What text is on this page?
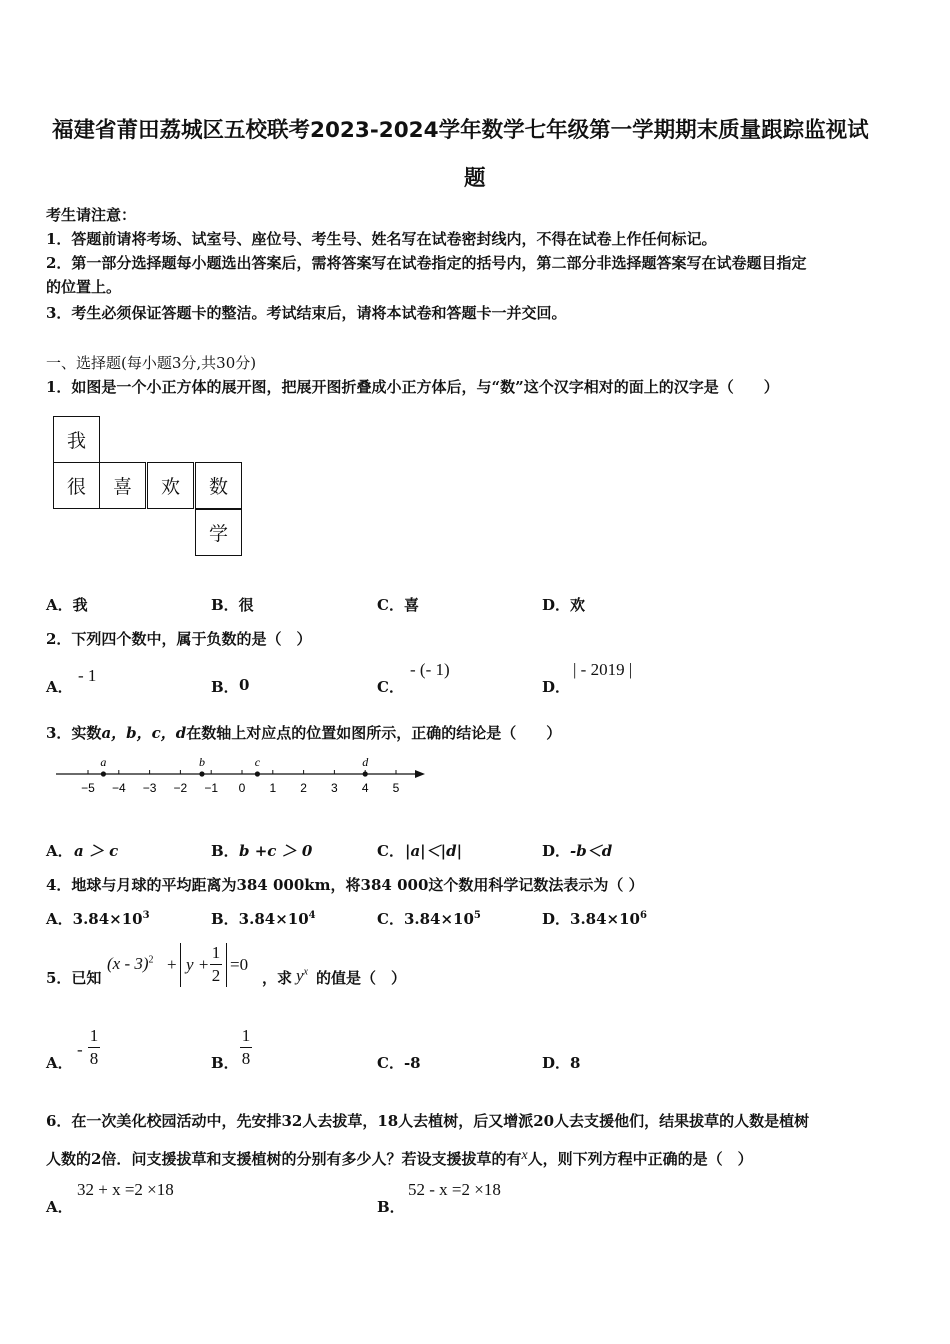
福建省莆田荔城区五校联考2023-2024学年数学七年级第一学期期末质量跟踪监视试
题
考生请注意：
1．答题前请将考场、试室号、座位号、考生号、姓名写在试卷密封线内，不得在试卷上作任何标记。
2．第一部分选择题每小题选出答案后，需将答案写在试卷指定的括号内，第二部分非选择题答案写在试卷题目指定
的位置上。
3．考生必须保证答题卡的整洁。考试结束后，请将本试卷和答题卡一并交回。
一、选择题(每小题3分,共30分)
1．如图是一个小正方体的展开图，把展开图折叠成小正方体后，与“数”这个汉字相对的面上的汉字是（　　）
我
很	喜	欢	数
学
A．我	B．很	C．喜	D．欢
2．下列四个数中，属于负数的是（　）
A．
- 1
B． 0	C．
- (- 1)
D．
| - 2019 |
3．实数a，b，c，d在数轴上对应点的位置如图所示，正确的结论是（　　）
−5 −4 −3 −2 −1 0 1 2 3 4 5
a	b	c	d
A． a ＞ c	B． b +c ＞ 0	C． |a|＜|d|	D． -b＜d
4．地球与月球的平均距离为384 000km，将384 000这个数用科学记数法表示为（ ）
A．$3.84\times 10^3$	B．$3.84\times 10^4$	C．$3.84\times 10^5$	D．$3.84\times 10^6$
5．已知
(x - 3)$^2$ + y +
1
2
=0
，求 $y^x$ 的值是（　）
A．
-
1
8	B．
1
8	C．-8	D．8
6．在一次美化校园活动中，先安排32人去拔草，18人去植树，后又增派20人去支援他们，结果拔草的人数是植树
人数的2倍．问支援拔草和支援植树的分别有多少人？若设支援拔草的有x人，则下列方程中正确的是（　）
A．
32 + x =2 ×18
B．
52 - x =2 ×18
